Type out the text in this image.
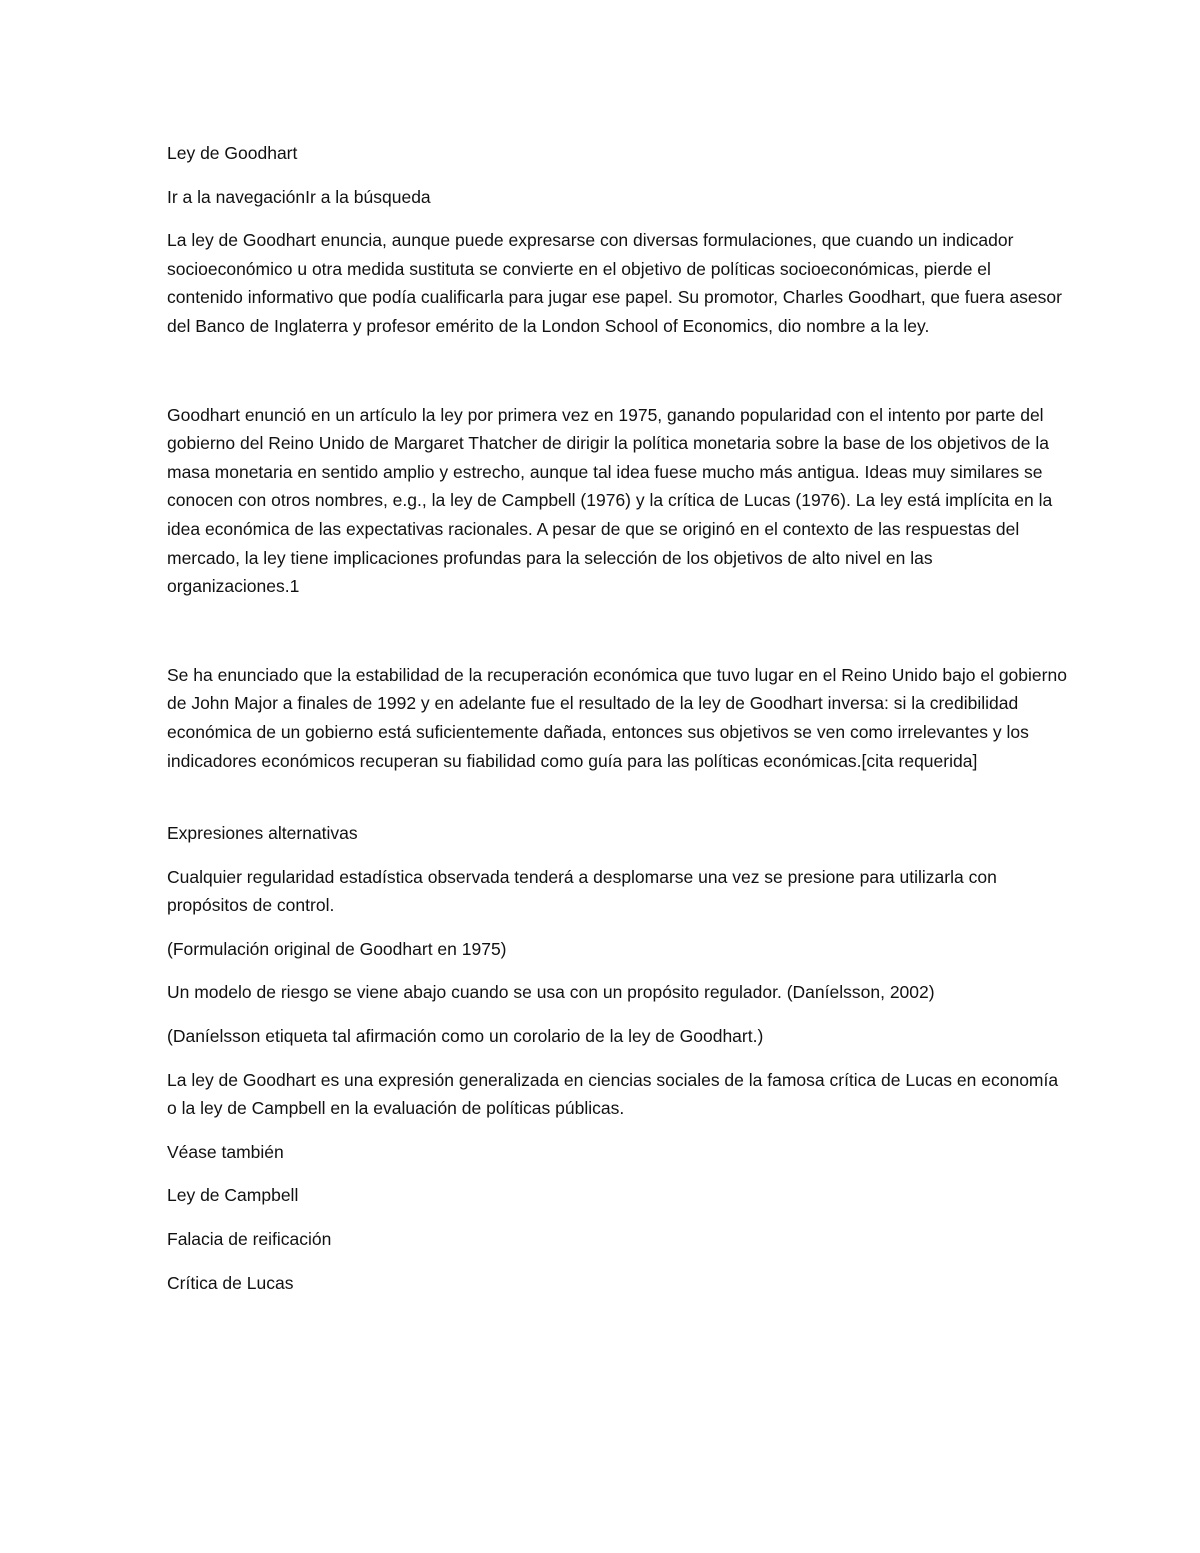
Ley de Goodhart

Ir a la navegaciónIr a la búsqueda

La ley de Goodhart enuncia, aunque puede expresarse con diversas formulaciones, que cuando un indicador socioeconómico u otra medida sustituta se convierte en el objetivo de políticas socioeconómicas, pierde el contenido informativo que podía cualificarla para jugar ese papel. Su promotor, Charles Goodhart, que fuera asesor del Banco de Inglaterra y profesor emérito de la London School of Economics, dio nombre a la ley.

Goodhart enunció en un artículo la ley por primera vez en 1975, ganando popularidad con el intento por parte del gobierno del Reino Unido de Margaret Thatcher de dirigir la política monetaria sobre la base de los objetivos de la masa monetaria en sentido amplio y estrecho, aunque tal idea fuese mucho más antigua. Ideas muy similares se conocen con otros nombres, e.g., la ley de Campbell (1976) y la crítica de Lucas (1976). La ley está implícita en la idea económica de las expectativas racionales. A pesar de que se originó en el contexto de las respuestas del mercado, la ley tiene implicaciones profundas para la selección de los objetivos de alto nivel en las organizaciones.1

Se ha enunciado que la estabilidad de la recuperación económica que tuvo lugar en el Reino Unido bajo el gobierno de John Major a finales de 1992 y en adelante fue el resultado de la ley de Goodhart inversa: si la credibilidad económica de un gobierno está suficientemente dañada, entonces sus objetivos se ven como irrelevantes y los indicadores económicos recuperan su fiabilidad como guía para las políticas económicas.[cita requerida]

Expresiones alternativas

Cualquier regularidad estadística observada tenderá a desplomarse una vez se presione para utilizarla con propósitos de control.

(Formulación original de Goodhart en 1975)

Un modelo de riesgo se viene abajo cuando se usa con un propósito regulador. (Daníelsson, 2002)

(Daníelsson etiqueta tal afirmación como un corolario de la ley de Goodhart.)

La ley de Goodhart es una expresión generalizada en ciencias sociales de la famosa crítica de Lucas en economía o la ley de Campbell en la evaluación de políticas públicas.

Véase también

Ley de Campbell

Falacia de reificación

Crítica de Lucas
